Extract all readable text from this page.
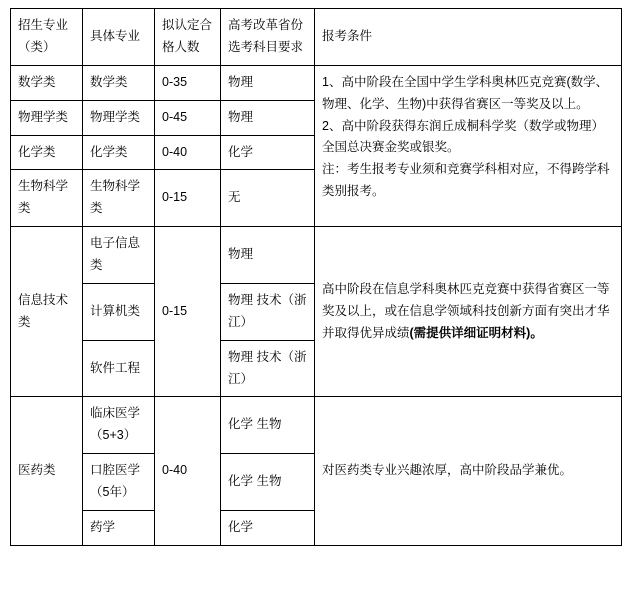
招生专业（类）	具体专业	拟认定合格人数	高考改革省份选考科目要求	报考条件
数学类	数学类	0-35	物理	1、高中阶段在全国中学生学科奥林匹克竞赛(数学、物理、化学、生物)中获得省赛区一等奖及以上。

2、高中阶段获得东润丘成桐科学奖（数学或物理）全国总决赛金奖或银奖。

注：考生报考专业须和竞赛学科相对应，不得跨学科类别报考。

物理学类	物理学类	0-45	物理	
化学类	化学类	0-40	化学	
生物科学类	生物科学类	0-15	无	
信息技术类	电子信息类	0-15	物理	高中阶段在信息学科奥林匹克竞赛中获得省赛区一等奖及以上，或在信息学领域科技创新方面有突出才华并取得优异成绩(需提供详细证明材料)。
	计算机类		物理 技术（浙江）	
	软件工程		物理 技术（浙江）	
医药类	临床医学（5+3）	0-40	化学 生物	对医药类专业兴趣浓厚，高中阶段品学兼优。
	口腔医学（5年）		化学 生物	
	药学		化学	
